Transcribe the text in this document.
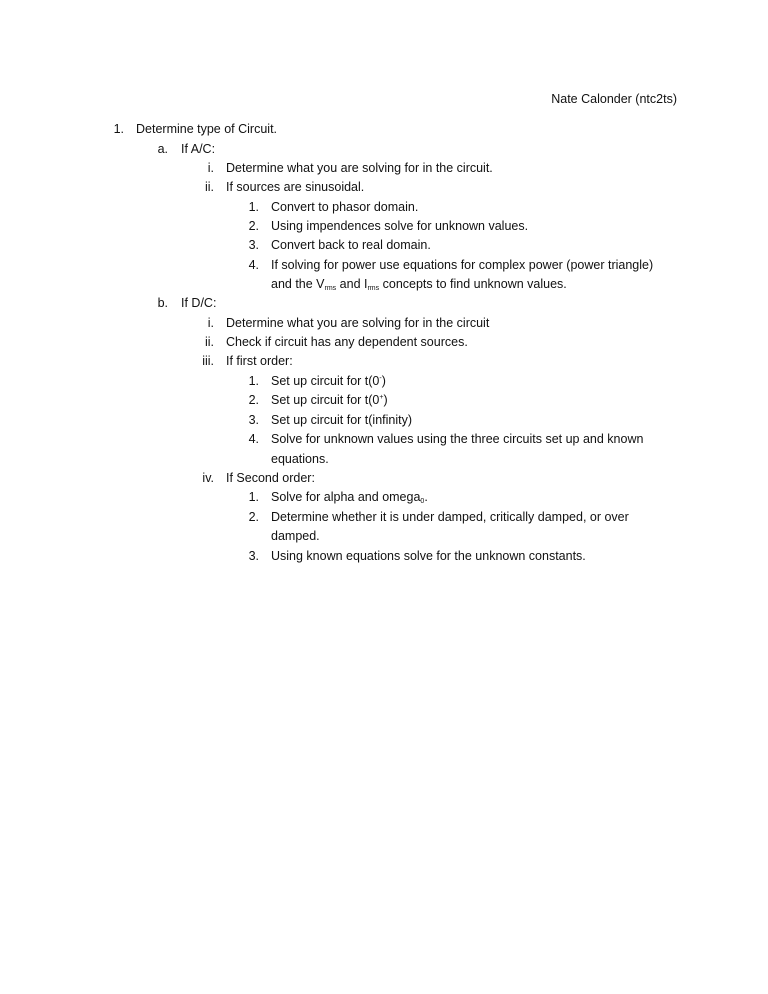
Nate Calonder (ntc2ts)
1. Determine type of Circuit.
a. If A/C:
i. Determine what you are solving for in the circuit.
ii. If sources are sinusoidal.
1. Convert to phasor domain.
2. Using impendences solve for unknown values.
3. Convert back to real domain.
4. If solving for power use equations for complex power (power triangle)
and the $V_{rms}$ and $I_{rms}$ concepts to find unknown values.
b. If D/C:
i. Determine what you are solving for in the circuit
ii. Check if circuit has any dependent sources.
iii. If first order:
1. Set up circuit for t(0-)
2. Set up circuit for t(0+)
3. Set up circuit for t(infinity)
4. Solve for unknown values using the three circuits set up and known
equations.
iv. If Second order:
1. Solve for alpha and omega$_0$.
2. Determine whether it is under damped, critically damped, or over
damped.
3. Using known equations solve for the unknown constants.
